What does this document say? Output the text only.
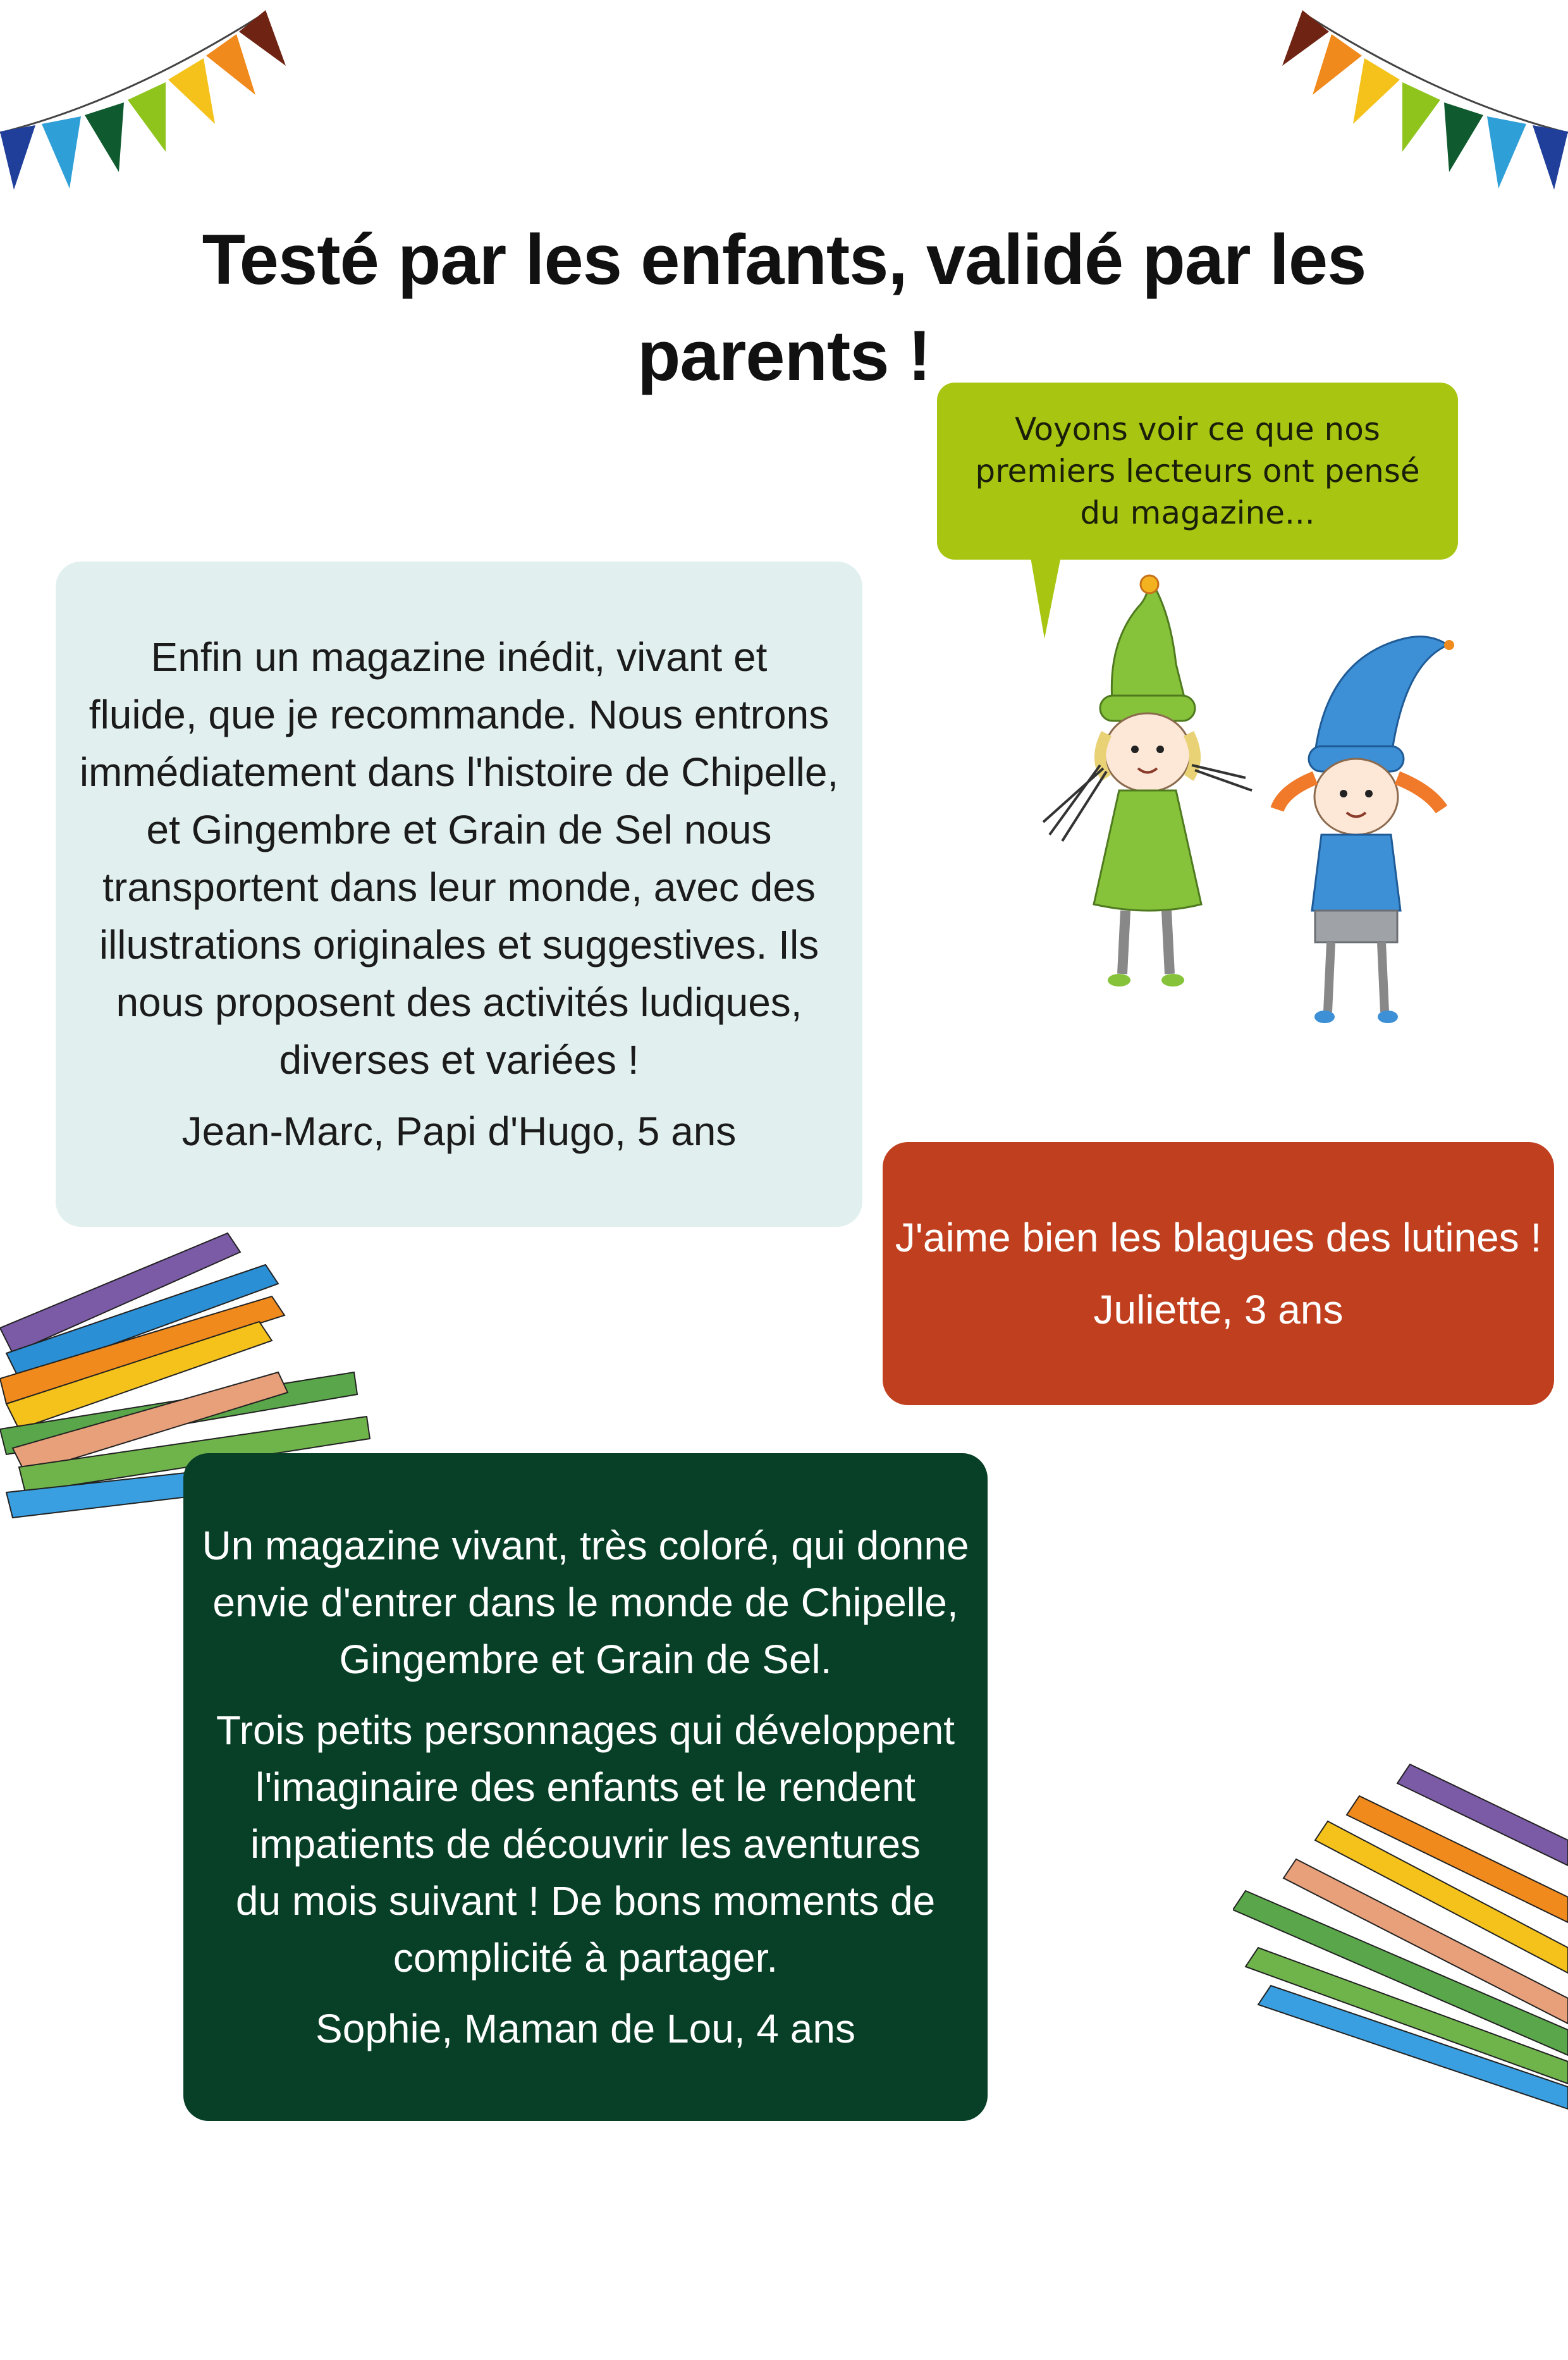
Testé par les enfants, validé par les
parents !
Voyons voir ce que nos
premiers lecteurs ont pensé
du magazine...

Enfin un magazine inédit, vivant et
fluide, que je recommande. Nous entrons
immédiatement dans l'histoire de Chipelle,
et Gingembre et Grain de Sel nous
transportent dans leur monde, avec des
illustrations originales et suggestives. Ils
nous proposent des activités ludiques,
diverses et variées !

Jean-Marc, Papi d'Hugo, 5 ans

J'aime bien les blagues des lutines !

Juliette, 3 ans

Un magazine vivant, très coloré, qui donne
envie d'entrer dans le monde de Chipelle,
Gingembre et Grain de Sel.

Trois petits personnages qui développent
l'imaginaire des enfants et le rendent
impatients de découvrir les aventures
du mois suivant ! De bons moments de
complicité à partager.

Sophie, Maman de Lou, 4 ans
